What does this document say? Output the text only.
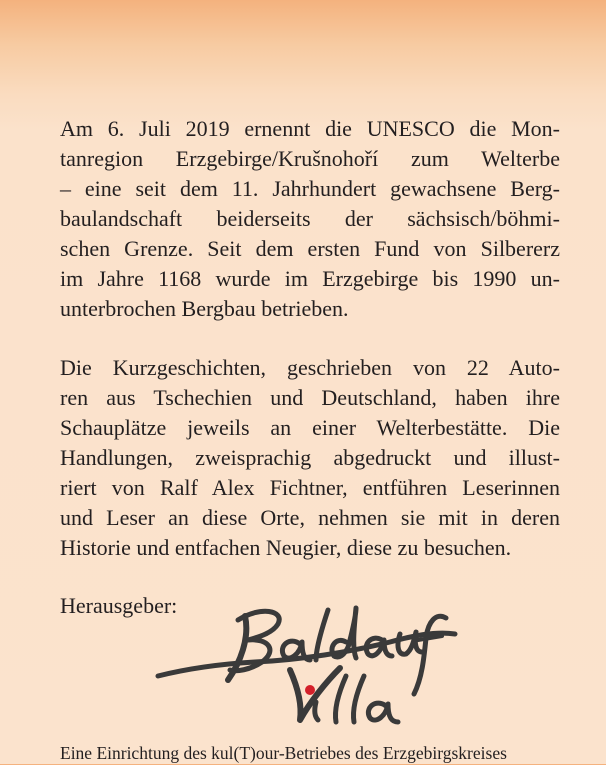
Am 6. Juli 2019 ernennt die UNESCO die Mon-
tanregion Erzgebirge/Krušnohoří zum Welterbe
– eine seit dem 11. Jahrhundert gewachsene Berg-
baulandschaft beiderseits der sächsisch/böhmi-
schen Grenze. Seit dem ersten Fund von Silbererz
im Jahre 1168 wurde im Erzgebirge bis 1990 un-
unterbrochen Bergbau betrieben.
Die Kurzgeschichten, geschrieben von 22 Auto-
ren aus Tschechien und Deutschland, haben ihre
Schauplätze jeweils an einer Welterbestätte. Die
Handlungen, zweisprachig abgedruckt und illust-
riert von Ralf Alex Fichtner, entführen Leserinnen
und Leser an diese Orte, nehmen sie mit in deren
Historie und entfachen Neugier, diese zu besuchen.
Herausgeber:
Eine Einrichtung des kul(T)our-Betriebes des Erzgebirgskreises
